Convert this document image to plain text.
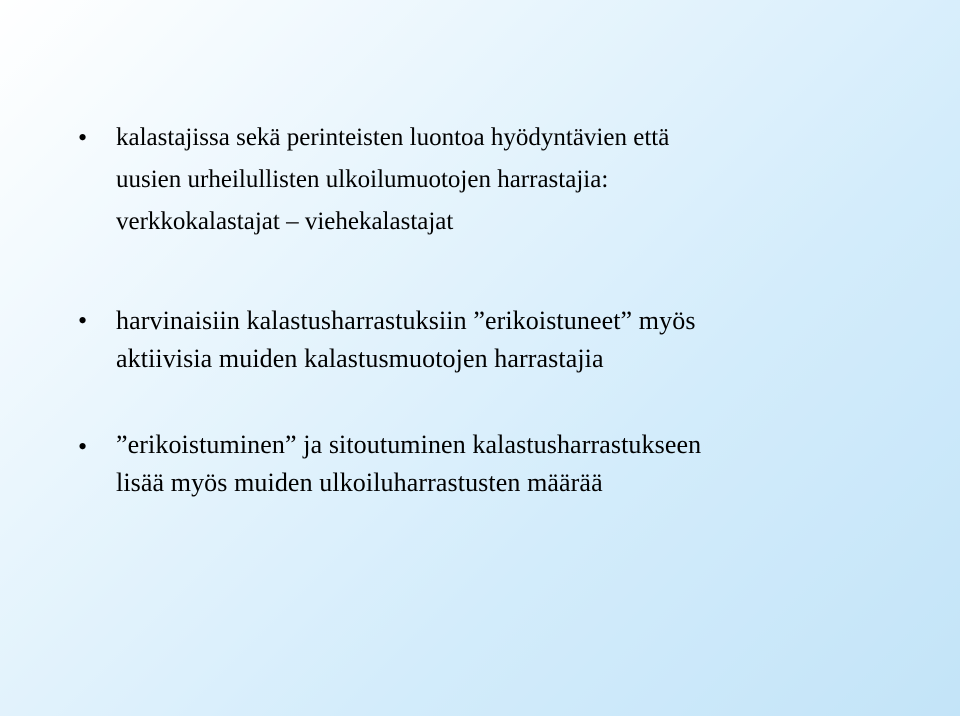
• kalastajissa sekä perinteisten luontoa hyödyntävien että
uusien urheilullisten ulkoilumuotojen harrastajia:
verkkokalastajat – viehekalastajat
• harvinaisiin kalastusharrastuksiin ”erikoistuneet” myös
aktiivisia muiden kalastusmuotojen harrastajia
• ”erikoistuminen” ja sitoutuminen kalastusharrastukseen
lisää myös muiden ulkoiluharrastusten määrää
